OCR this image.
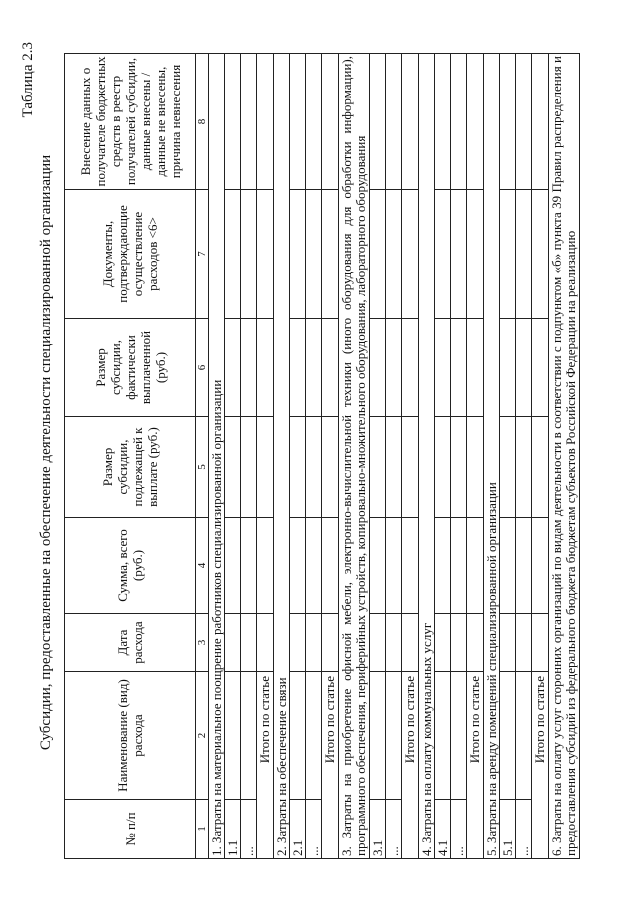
Таблица 2.3
Субсидии, предоставленные на обеспечение деятельности специализированной организации
№ п/п	Наименование (вид) расхода	Дата расхода	Сумма, всего (руб.)	Размер субсидии, подлежащей к выплате (руб.)	Размер субсидии, фактически выплаченной (руб.)	Документы, подтверждающие осуществление расходов <6>	Внесение данных о получателе бюджетных средств в реестр получателей субсидии, данные внесены / данные не внесены, причина невнесения
1	2	3	4	5	6	7	8
1. Затраты на материальное поощрение работников специализированной организации							
1.1							
...							
Итого по статье							
2. Затраты на обеспечение связи							
2.1							
...							
Итого по статье							
3. Затраты на приобретение офисной мебели, электронно-вычислительной техники (иного оборудования для обработки информации), программного обеспечения, периферийных устройств, копировально-множительного оборудования, лабораторного оборудования							
3.1							
...							
Итого по статье							
4. Затраты на оплату коммунальных услуг							
4.1							
...							
Итого по статье							
5. Затраты на аренду помещений специализированной организации							
5.1							
...							
Итого по статье							
6. Затраты на оплату услуг сторонних организаций по видам деятельности в соответствии с подпунктом «б» пункта 39 Правил распределения и предоставления субсидий из федерального бюджета бюджетам субъектов Российской Федерации на реализацию							
